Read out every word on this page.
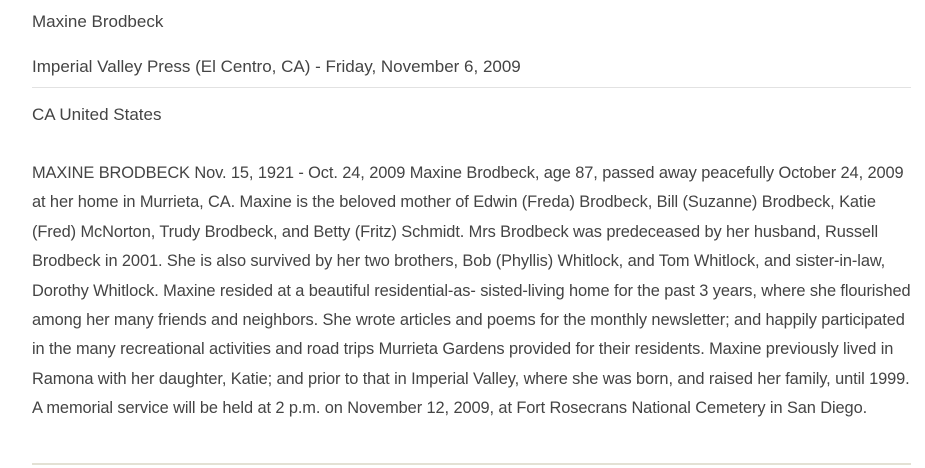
Maxine Brodbeck
Imperial Valley Press (El Centro, CA) - Friday, November 6, 2009
CA United States

MAXINE BRODBECK Nov. 15, 1921 - Oct. 24, 2009 Maxine Brodbeck, age 87, passed away peacefully October 24, 2009 at her home in Murrieta, CA. Maxine is the beloved mother of Edwin (Freda) Brodbeck, Bill (Suzanne) Brodbeck, Katie (Fred) McNorton, Trudy Brodbeck, and Betty (Fritz) Schmidt. Mrs Brodbeck was predeceased by her husband, Russell Brodbeck in 2001. She is also survived by her two brothers, Bob (Phyllis) Whitlock, and Tom Whitlock, and sister-in-law, Dorothy Whitlock. Maxine resided at a beautiful residential-as- sisted-living home for the past 3 years, where she flourished among her many friends and neighbors. She wrote articles and poems for the monthly newsletter; and happily participated in the many recreational activities and road trips Murrieta Gardens provided for their residents. Maxine previously lived in Ramona with her daughter, Katie; and prior to that in Imperial Valley, where she was born, and raised her family, until 1999. A memorial service will be held at 2 p.m. on November 12, 2009, at Fort Rosecrans National Cemetery in San Diego.
